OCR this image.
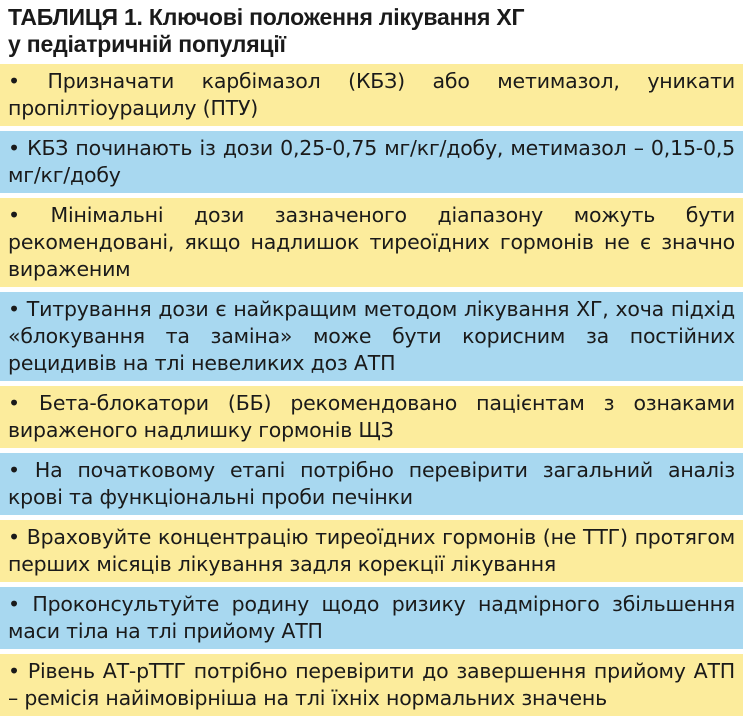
ТАБЛИЦЯ 1. Ключові положення лікування ХГ
у педіатричній популяції
• Призначати карбімазол (КБЗ) або метимазол, уникати пропілтіоурацилу (ПТУ)
• КБЗ починають із дози 0,25-0,75 мг/кг/добу, метимазол – 0,15-0,5 мг/кг/добу
• Мінімальні дози зазначеного діапазону можуть бути рекомендовані, якщо надлишок тиреоїдних гормонів не є значно вираженим
• Титрування дози є найкращим методом лікування ХГ, хоча підхід «блокування та заміна» може бути корисним за постійних рецидивів на тлі невеликих доз АТП
• Бета-блокатори (ББ) рекомендовано пацієнтам з ознаками вираженого надлишку гормонів ЩЗ
• На початковому етапі потрібно перевірити загальний аналіз крові та функціональні проби печінки
• Враховуйте концентрацію тиреоїдних гормонів (не ТТГ) протягом перших місяців лікування задля корекції лікування
• Проконсультуйте родину щодо ризику надмірного збільшення маси тіла на тлі прийому АТП
• Рівень АТ-рТТГ потрібно перевірити до завершення прийому АТП – ремісія найімовірніша на тлі їхніх нормальних значень
